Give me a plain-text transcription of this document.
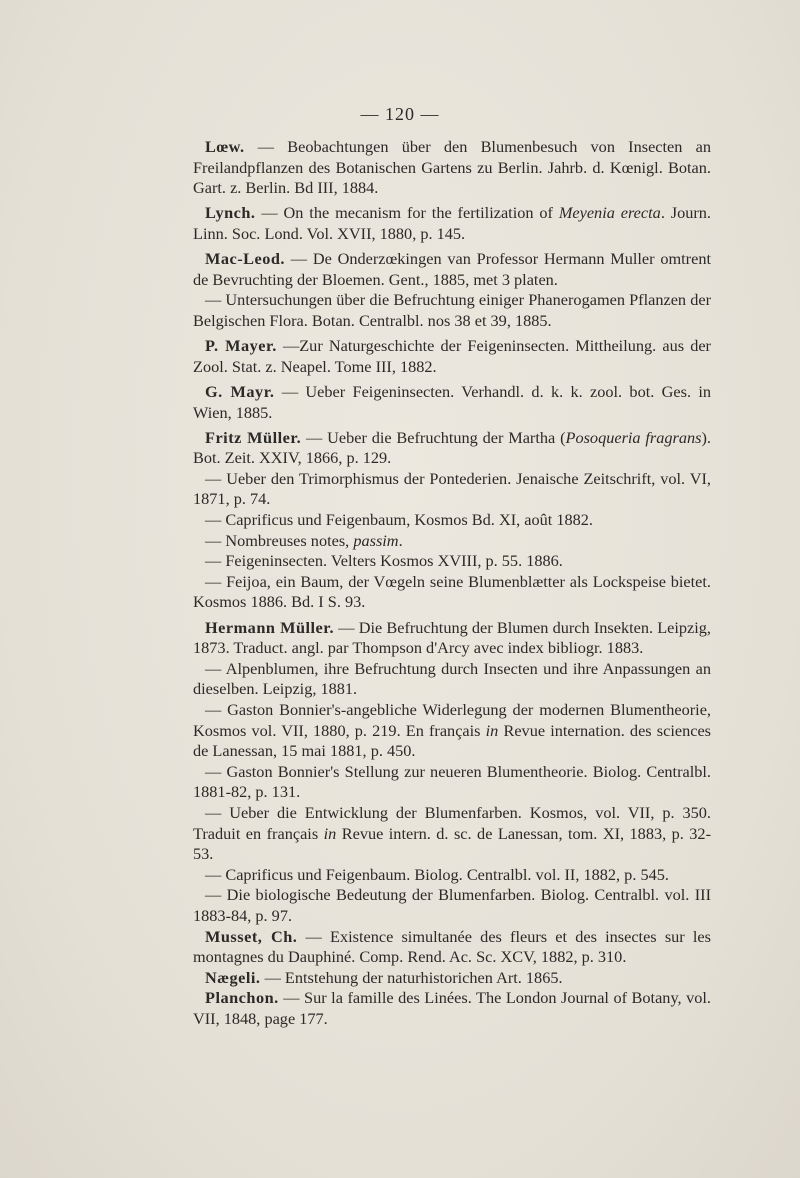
— 120 —

Lœw. — Beobachtungen über den Blumenbesuch von Insecten an Freilandpflanzen des Botanischen Gartens zu Berlin. Jahrb. d. Kœnigl. Botan. Gart. z. Berlin. Bd III, 1884.

Lynch. — On the mecanism for the fertilization of Meyenia erecta. Journ. Linn. Soc. Lond. Vol. XVII, 1880, p. 145.

Mac-Leod. — De Onderzœkingen van Professor Hermann Muller omtrent de Bevruchting der Bloemen. Gent., 1885, met 3 platen.

— Untersuchungen über die Befruchtung einiger Phanerogamen Pflanzen der Belgischen Flora. Botan. Centralbl. nos 38 et 39, 1885.

P. Mayer. —Zur Naturgeschichte der Feigeninsecten. Mittheilung. aus der Zool. Stat. z. Neapel. Tome III, 1882.

G. Mayr. — Ueber Feigeninsecten. Verhandl. d. k. k. zool. bot. Ges. in Wien, 1885.

Fritz Müller. — Ueber die Befruchtung der Martha (Posoqueria fragrans). Bot. Zeit. XXIV, 1866, p. 129.

— Ueber den Trimorphismus der Pontederien. Jenaische Zeitschrift, vol. VI, 1871, p. 74.

— Caprificus und Feigenbaum, Kosmos Bd. XI, août 1882.

— Nombreuses notes, passim.

— Feigeninsecten. Velters Kosmos XVIII, p. 55. 1886.

— Feijoa, ein Baum, der Vœgeln seine Blumenblætter als Lockspeise bietet. Kosmos 1886. Bd. I S. 93.

Hermann Müller. — Die Befruchtung der Blumen durch Insekten. Leipzig, 1873. Traduct. angl. par Thompson d'Arcy avec index bibliogr. 1883.

— Alpenblumen, ihre Befruchtung durch Insecten und ihre Anpassungen an dieselben. Leipzig, 1881.

— Gaston Bonnier's-angebliche Widerlegung der modernen Blumentheorie, Kosmos vol. VII, 1880, p. 219. En français in Revue internation. des sciences de Lanessan, 15 mai 1881, p. 450.

— Gaston Bonnier's Stellung zur neueren Blumentheorie. Biolog. Centralbl. 1881-82, p. 131.

— Ueber die Entwicklung der Blumenfarben. Kosmos, vol. VII, p. 350. Traduit en français in Revue intern. d. sc. de Lanessan, tom. XI, 1883, p. 32-53.

— Caprificus und Feigenbaum. Biolog. Centralbl. vol. II, 1882, p. 545.

— Die biologische Bedeutung der Blumenfarben. Biolog. Centralbl. vol. III 1883-84, p. 97.

Musset, Ch. — Existence simultanée des fleurs et des insectes sur les montagnes du Dauphiné. Comp. Rend. Ac. Sc. XCV, 1882, p. 310.

Nægeli. — Entstehung der naturhistorichen Art. 1865.

Planchon. — Sur la famille des Linées. The London Journal of Botany, vol. VII, 1848, page 177.
